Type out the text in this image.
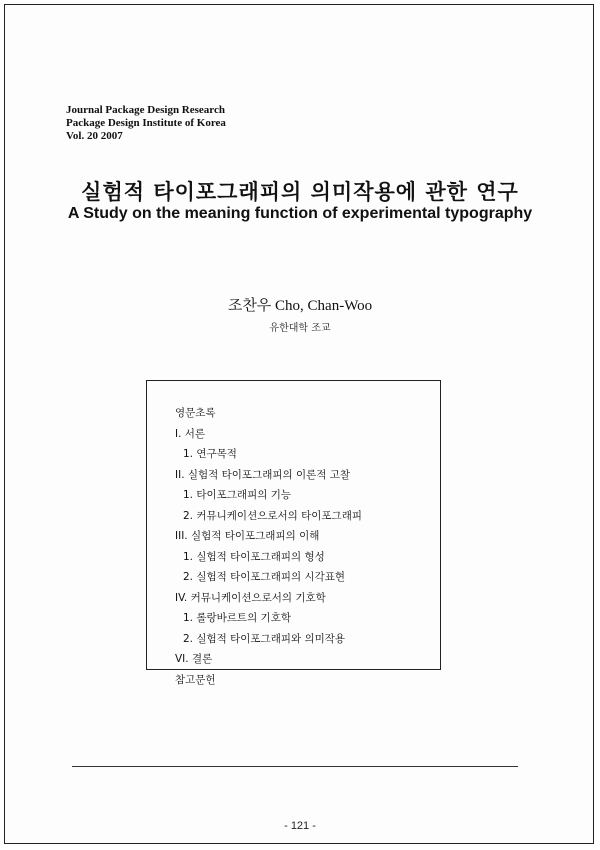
Journal Package Design Research
Package Design Institute of Korea
Vol. 20 2007
실험적 타이포그래피의 의미작용에 관한 연구
A Study on the meaning function of experimental typography
조찬우 Cho, Chan-Woo
유한대학 조교
영문초록
I. 서론
1. 연구목적
II. 실험적 타이포그래피의 이론적 고찰
1. 타이포그래피의 기능
2. 커뮤니케이션으로서의 타이포그래피
III. 실험적 타이포그래피의 이해
1. 실험적 타이포그래피의 형성
2. 실험적 타이포그래피의 시각표현
IV. 커뮤니케이션으로서의 기호학
1. 롤랑바르트의 기호학
2. 실험적 타이포그래피와 의미작용
VI. 결론
참고문헌
- 121 -
